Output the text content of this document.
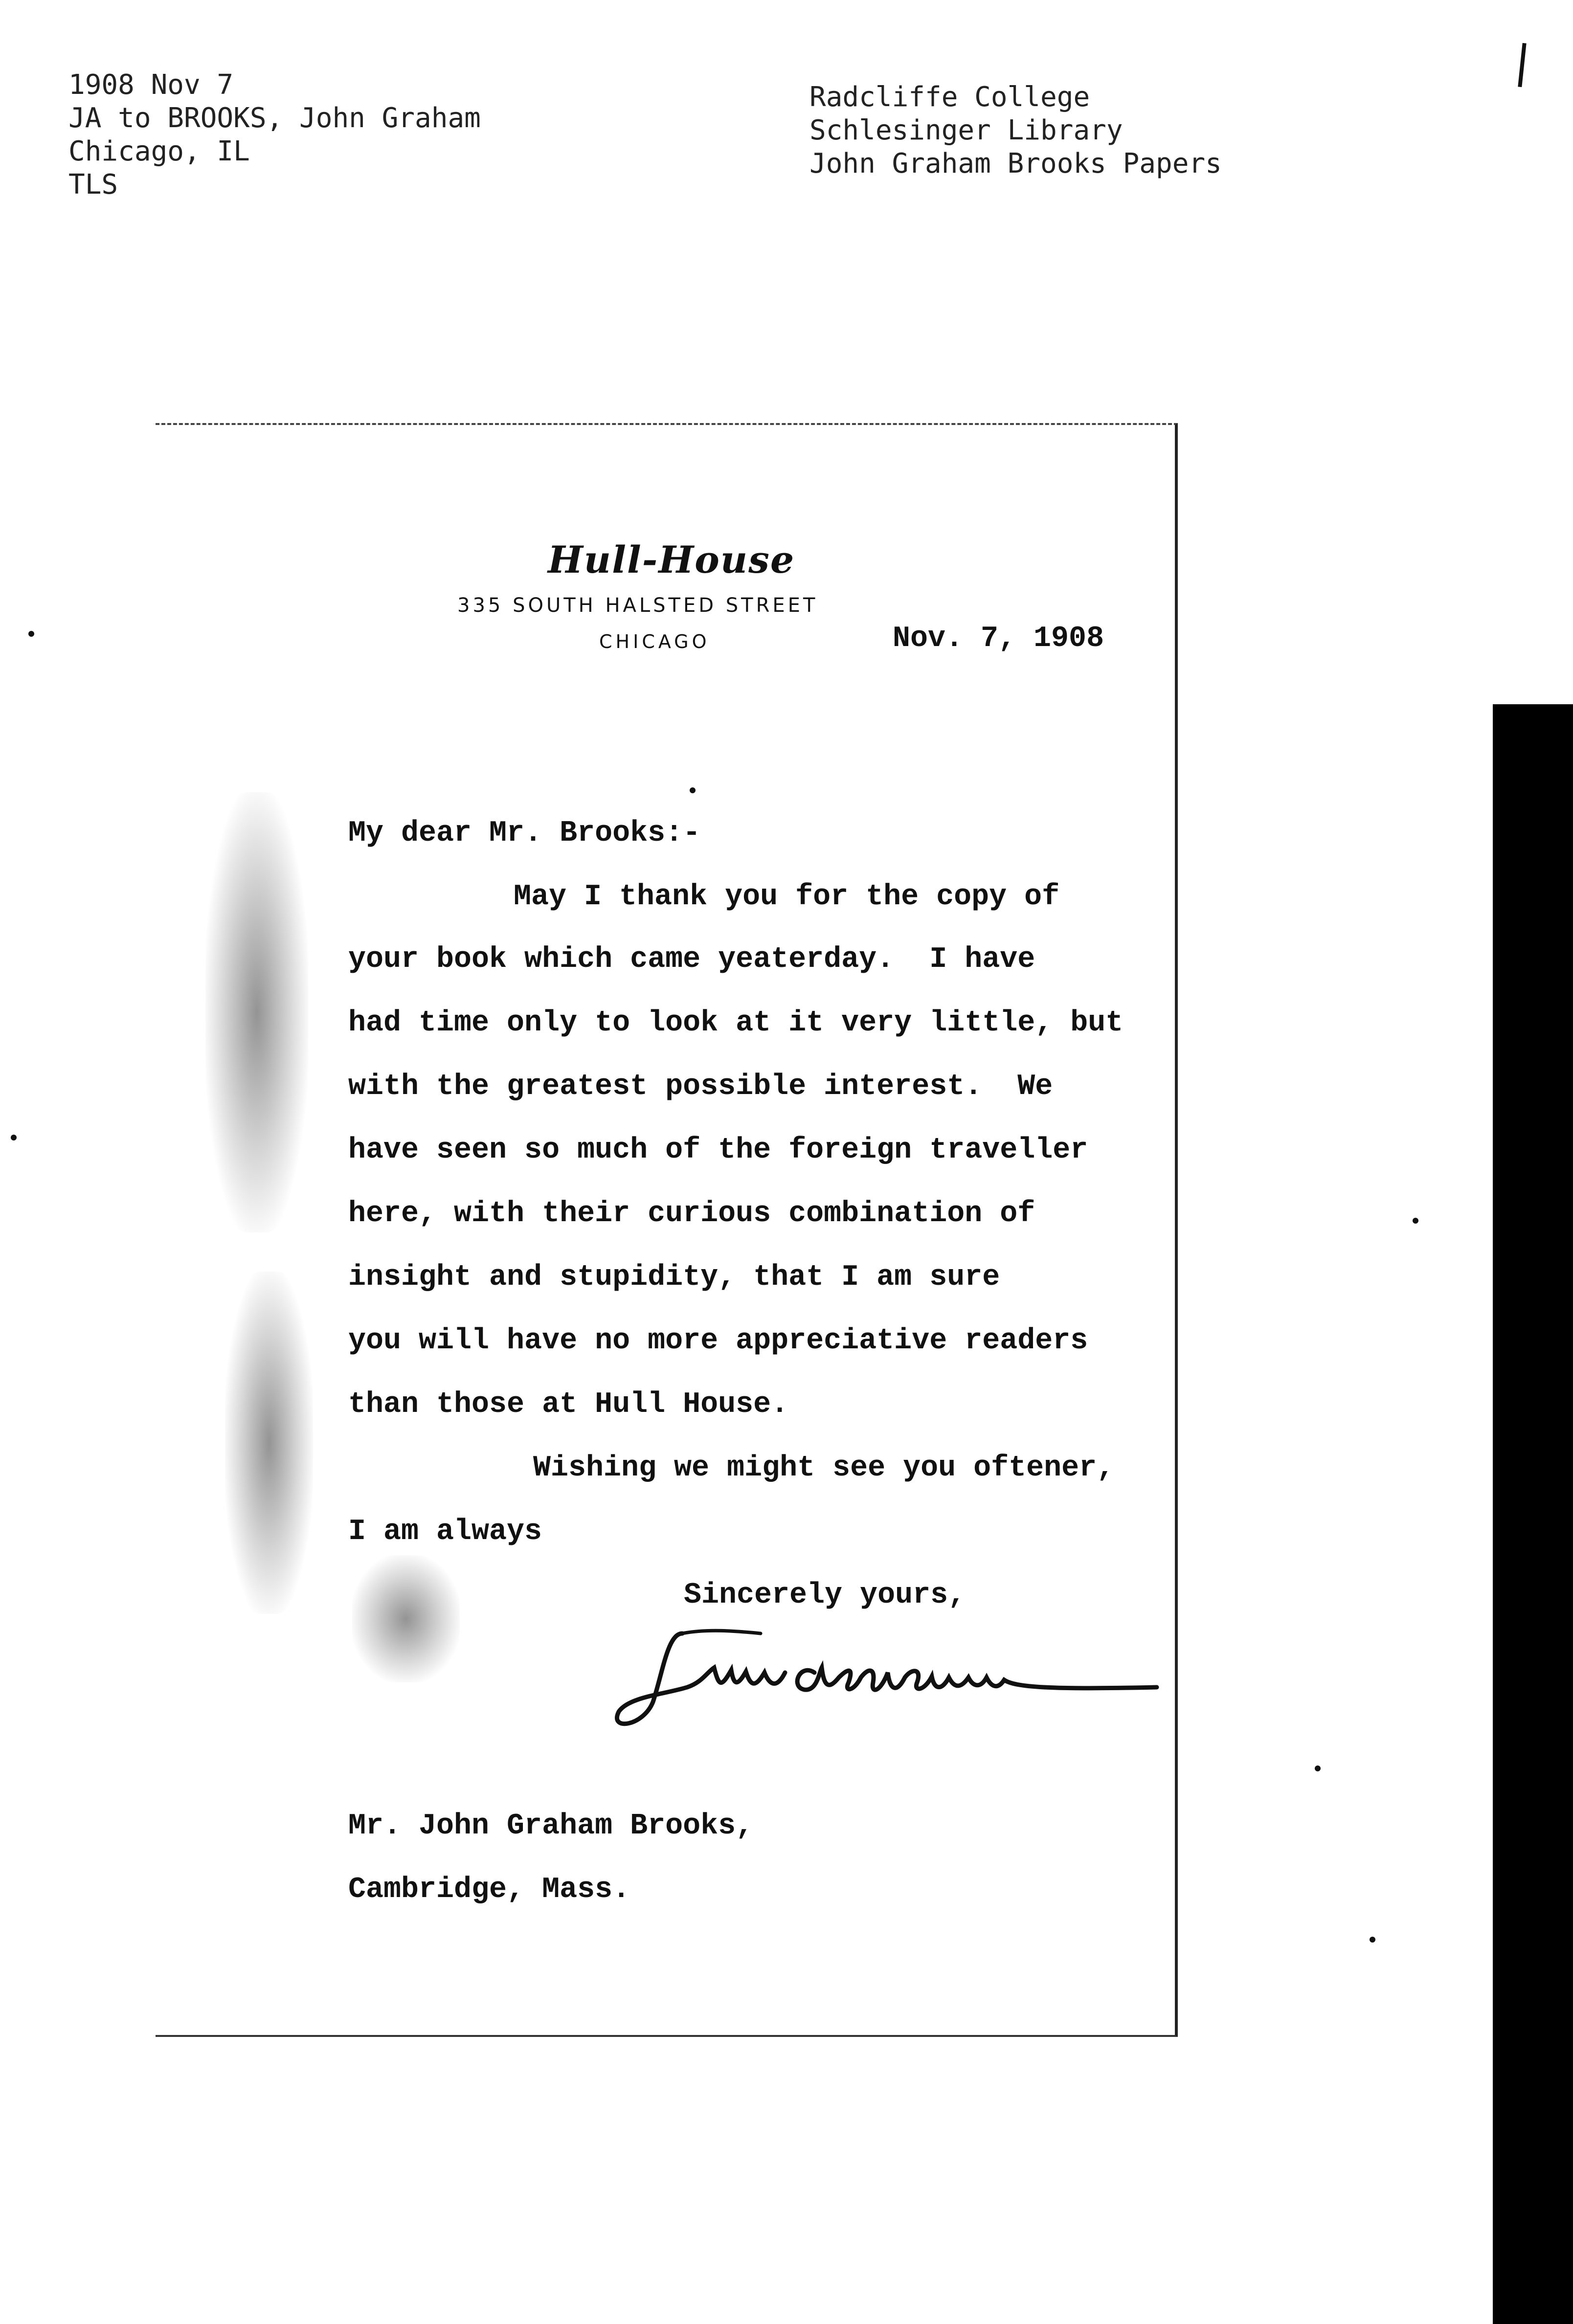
1908 Nov 7
JA to BROOKS, John Graham
Chicago, IL
TLS
Radcliffe College
Schlesinger Library
John Graham Brooks Papers
Hull-House
335 SOUTH HALSTED STREET
CHICAGO	Nov. 7, 1908
My dear Mr. Brooks:-
May I thank you for the copy of
your book which came yeaterday.  I have
had time only to look at it very little, but
with the greatest possible interest.  We
have seen so much of the foreign traveller
here, with their curious combination of
insight and stupidity, that I am sure
you will have no more appreciative readers
than those at Hull House.
Wishing we might see you oftener,
I am always
Sincerely yours,
Mr. John Graham Brooks,
Cambridge, Mass.
